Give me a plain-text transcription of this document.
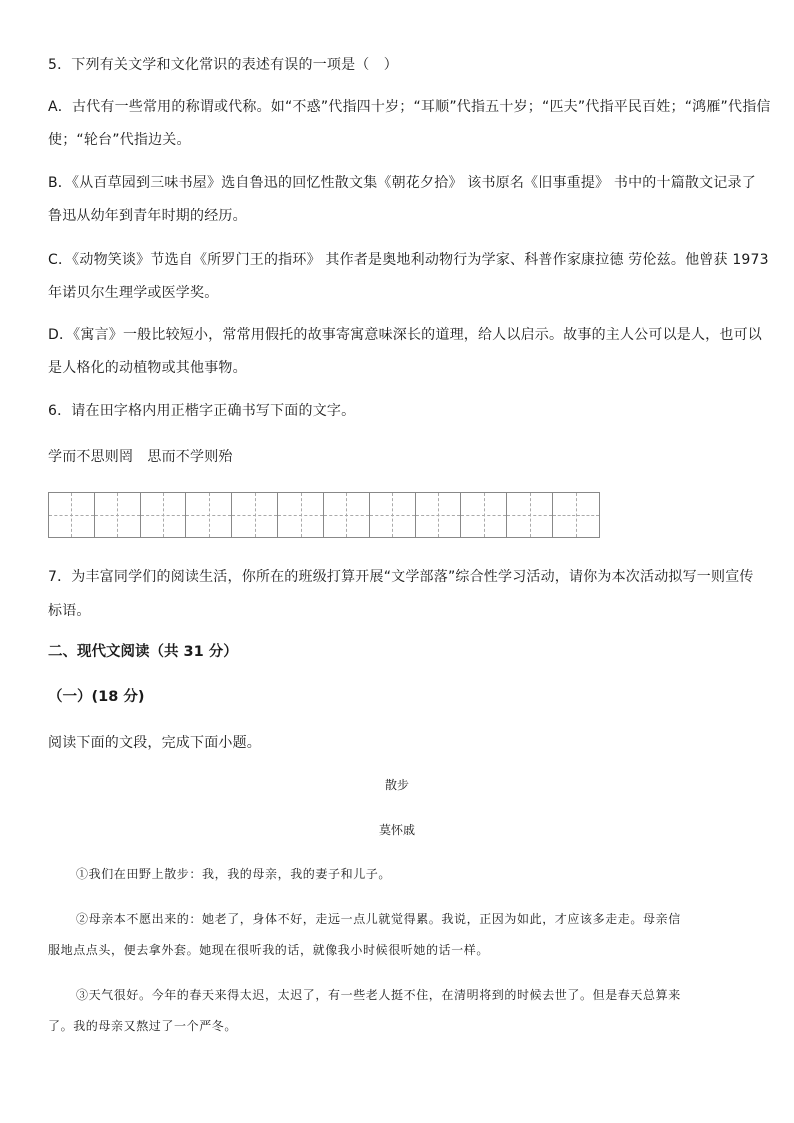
5．下列有关文学和文化常识的表述有误的一项是（　）
A．古代有一些常用的称谓或代称。如“不惑”代指四十岁；“耳顺”代指五十岁；“匹夫”代指平民百姓；“鸿雁”代指信
使；“轮台”代指边关。
B．《从百草园到三味书屋》选自鲁迅的回忆性散文集《朝花夕拾》 该书原名《旧事重提》 书中的十篇散文记录了
鲁迅从幼年到青年时期的经历。
C．《动物笑谈》节选自《所罗门王的指环》 其作者是奥地利动物行为学家、科普作家康拉德 劳伦兹。他曾获 1973
年诺贝尔生理学或医学奖。
D．《寓言》一般比较短小，常常用假托的故事寄寓意味深长的道理，给人以启示。故事的主人公可以是人，也可以
是人格化的动植物或其他事物。
6．请在田字格内用正楷字正确书写下面的文字。
学而不思则罔　思而不学则殆
7．为丰富同学们的阅读生活，你所在的班级打算开展“文学部落”综合性学习活动，请你为本次活动拟写一则宣传
标语。
二、现代文阅读（共 31 分）
（一）(18 分)
阅读下面的文段，完成下面小题。
散步
莫怀戚
①我们在田野上散步：我，我的母亲，我的妻子和儿子。
②母亲本不愿出来的：她老了，身体不好，走远一点儿就觉得累。我说，正因为如此，才应该多走走。母亲信
服地点点头，便去拿外套。她现在很听我的话，就像我小时候很听她的话一样。
③天气很好。今年的春天来得太迟，太迟了，有一些老人挺不住，在清明将到的时候去世了。但是春天总算来
了。我的母亲又熬过了一个严冬。
